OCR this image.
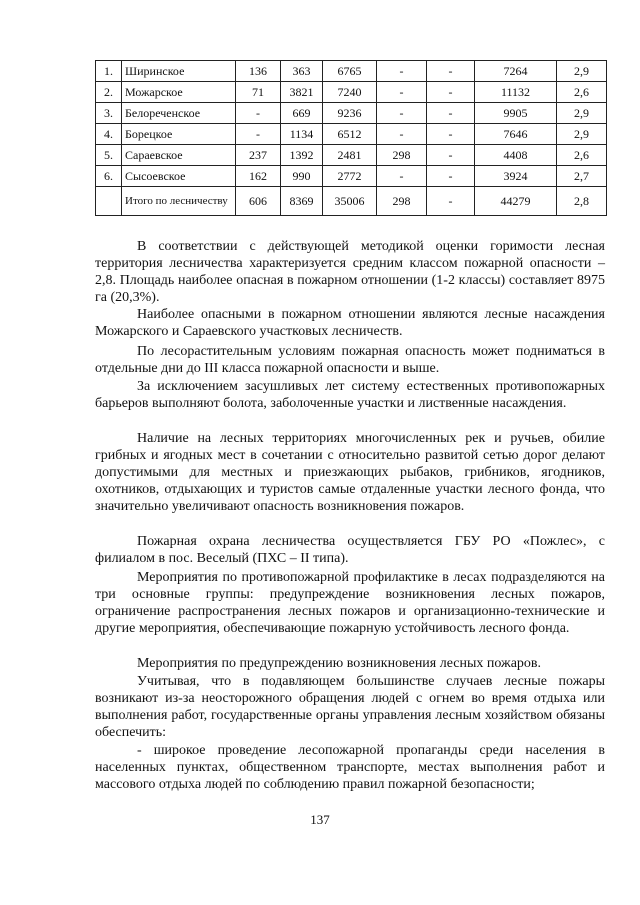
1.	Ширинское	136	363	6765	-	-	7264	2,9
2.	Можарское	71	3821	7240	-	-	11132	2,6
3.	Белореченское	-	669	9236	-	-	9905	2,9
4.	Борецкое	-	1134	6512	-	-	7646	2,9
5.	Сараевское	237	1392	2481	298	-	4408	2,6
6.	Сысоевское	162	990	2772	-	-	3924	2,7
	Итого по лесничеству	606	8369	35006	298	-	44279	2,8

В соответствии с действующей методикой оценки горимости лесная территория лесничества характеризуется средним классом пожарной опасности – 2,8. Площадь наиболее опасная в пожарном отношении (1-2 классы) составляет 8975 га (20,3%).

Наиболее опасными в пожарном отношении являются лесные насаждения Можарского и Сараевского участковых лесничеств.

По лесорастительным условиям пожарная опасность может подниматься в отдельные дни до III класса пожарной опасности и выше.

За исключением засушливых лет систему естественных противопожарных барьеров выполняют болота, заболоченные участки и лиственные насаждения.

Наличие на лесных территориях многочисленных рек и ручьев, обилие грибных и ягодных мест в сочетании с относительно развитой сетью дорог делают допустимыми для местных и приезжающих рыбаков, грибников, ягодников, охотников, отдыхающих и туристов самые отдаленные участки лесного фонда, что значительно увеличивают опасность возникновения пожаров.

Пожарная охрана лесничества осуществляется ГБУ РО «Пожлес», с филиалом в пос. Веселый (ПХС – II типа).

Мероприятия по противопожарной профилактике в лесах подразделяются на три основные группы: предупреждение возникновения лесных пожаров, ограничение распространения лесных пожаров и организационно-технические и другие мероприятия, обеспечивающие пожарную устойчивость лесного фонда.

Мероприятия по предупреждению возникновения лесных пожаров.

Учитывая, что в подавляющем большинстве случаев лесные пожары возникают из-за неосторожного обращения людей с огнем во время отдыха или выполнения работ, государственные органы управления лесным хозяйством обязаны обеспечить:

- широкое проведение лесопожарной пропаганды среди населения в населенных пунктах, общественном транспорте, местах выполнения работ и массового отдыха людей по соблюдению правил пожарной безопасности;

137
